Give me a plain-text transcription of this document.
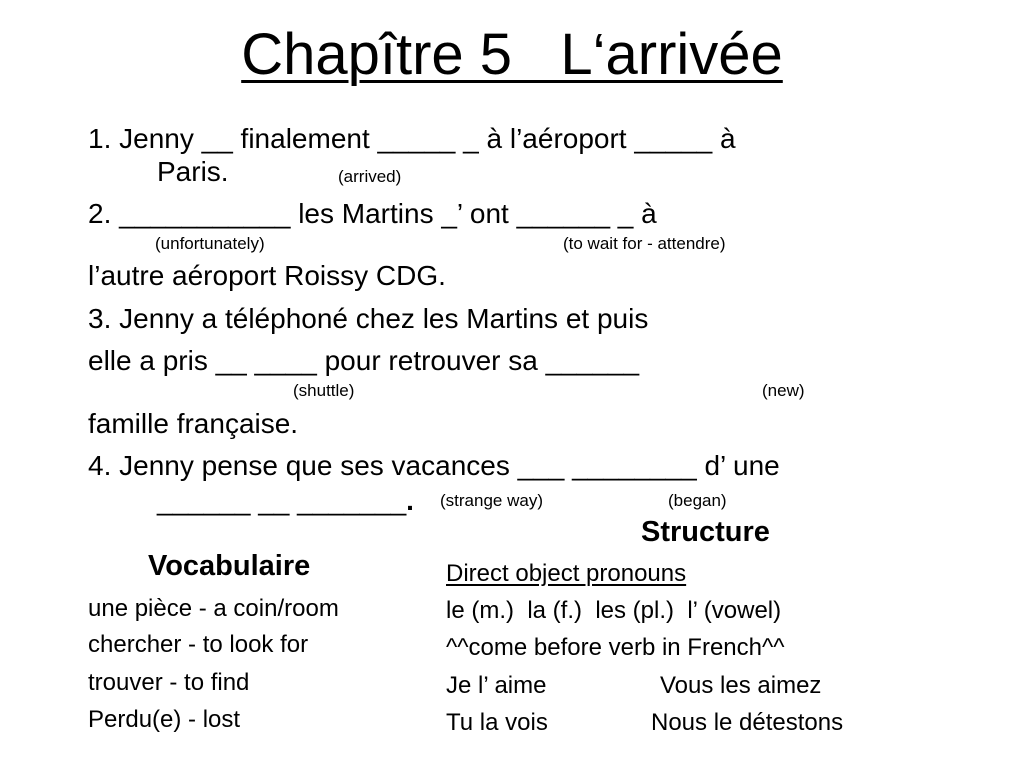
Chapître 5   L‘arrivée
1. Jenny __ finalement _____ _ à l’aéroport _____ à
Paris.	(arrived)
2. ___________ les Martins _’ ont ______ _ à
(unfortunately)	(to wait for - attendre)
l’autre aéroport Roissy CDG.
3. Jenny a téléphoné chez les Martins et puis
elle a pris __ ____ pour retrouver sa ______
(shuttle)	(new)
famille française.
4. Jenny pense que ses vacances ___ ________ d’ une
______ __ _______. (strange way)	(began)
Vocabulaire
une pièce - a coin/room
chercher - to look for
trouver - to find
Perdu(e) - lost
Structure
Direct object pronouns
le (m.)  la (f.)  les (pl.)  l’ (vowel)
^^come before verb in French^^
Je l’ aime	Vous les aimez
Tu la vois	Nous le détestons
